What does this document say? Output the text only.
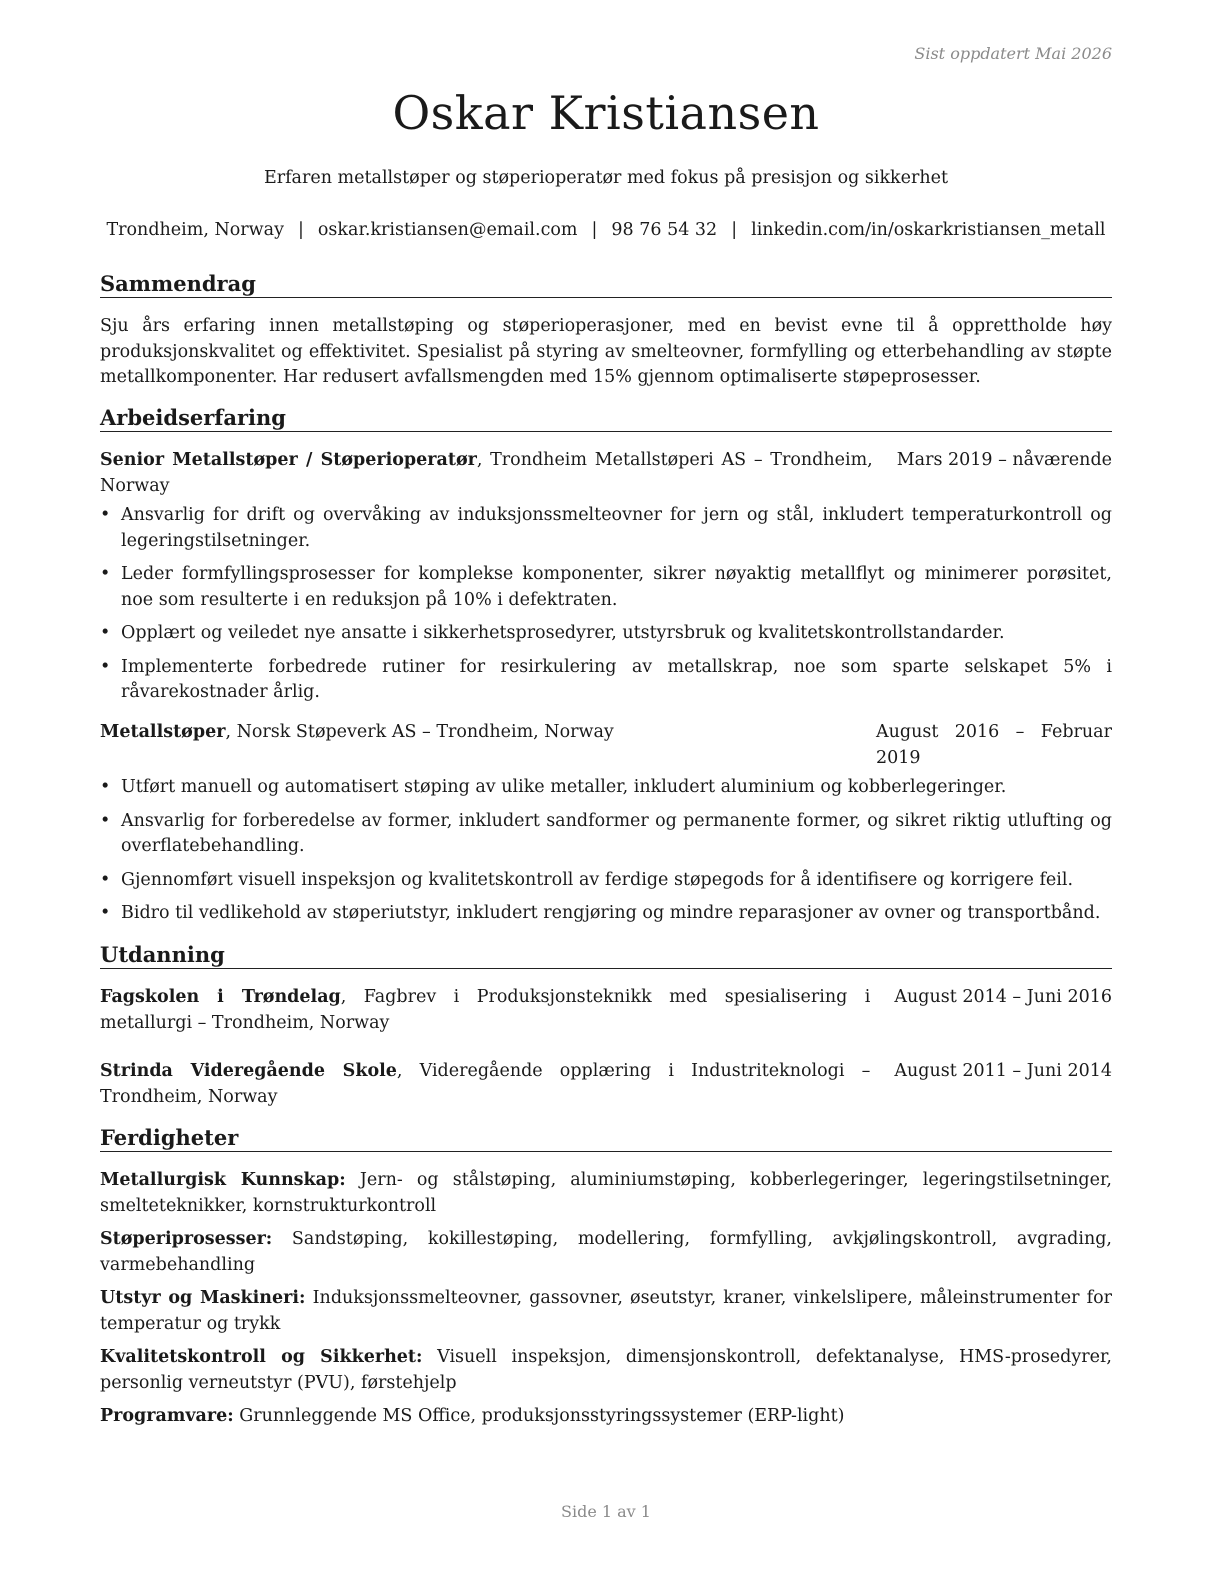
Sist oppdatert Mai 2026
Oskar Kristiansen

Erfaren metallstøper og støperioperatør med fokus på presisjon og sikkerhet

Trondheim, Norway | oskar.kristiansen@email.com | 98 76 54 32 | linkedin.com/in/oskarkristiansen_metall

Sammendrag

Sju års erfaring innen metallstøping og støperioperasjoner, med en bevist evne til å opprettholde høy produksjonskvalitet og effektivitet. Spesialist på styring av smelteovner, formfylling og etterbehandling av støpte metallkomponenter. Har redusert avfallsmengden med 15% gjennom optimaliserte støpeprosesser.

Arbeidserfaring
Senior Metallstøper / Støperioperatør, Trondheim Metallstøperi AS – Trondheim, Norway
Mars 2019 – nåværende
• Ansvarlig for drift og overvåking av induksjonssmelteovner for jern og stål, inkludert temperaturkontroll og legeringstilsetninger.
• Leder formfyllingsprosesser for komplekse komponenter, sikrer nøyaktig metallflyt og minimerer porøsitet, noe som resulterte i en reduksjon på 10% i defektraten.
• Opplært og veiledet nye ansatte i sikkerhetsprosedyrer, utstyrsbruk og kvalitetskontrollstandarder.
• Implementerte forbedrede rutiner for resirkulering av metallskrap, noe som sparte selskapet 5% i råvarekostnader årlig.
Metallstøper, Norsk Støpeverk AS – Trondheim, Norway	August 2016 – Februar 2019
• Utført manuell og automatisert støping av ulike metaller, inkludert aluminium og kobberlegeringer.
• Ansvarlig for forberedelse av former, inkludert sandformer og permanente former, og sikret riktig utlufting og overflatebehandling.
• Gjennomført visuell inspeksjon og kvalitetskontroll av ferdige støpegods for å identifisere og korrigere feil.
• Bidro til vedlikehold av støperiutstyr, inkludert rengjøring og mindre reparasjoner av ovner og transportbånd.
Utdanning
Fagskolen i Trøndelag, Fagbrev i Produksjonsteknikk med spesialisering i metallurgi – Trondheim, Norway
August 2014 – Juni 2016
Strinda Videregående Skole, Videregående opplæring i Industriteknologi – Trondheim, Norway
August 2011 – Juni 2014
Ferdigheter

Metallurgisk Kunnskap: Jern- og stålstøping, aluminiumstøping, kobberlegeringer, legeringstilsetninger, smelteteknikker, kornstrukturkontroll

Støperiprosesser: Sandstøping, kokillestøping, modellering, formfylling, avkjølingskontroll, avgrading, varmebehandling

Utstyr og Maskineri: Induksjonssmelteovner, gassovner, øseutstyr, kraner, vinkelslipere, måleinstrumenter for temperatur og trykk

Kvalitetskontroll og Sikkerhet: Visuell inspeksjon, dimensjonskontroll, defektanalyse, HMS-prosedyrer, personlig verneutstyr (PVU), førstehjelp

Programvare: Grunnleggende MS Office, produksjonsstyringssystemer (ERP-light)

Side 1 av 1
